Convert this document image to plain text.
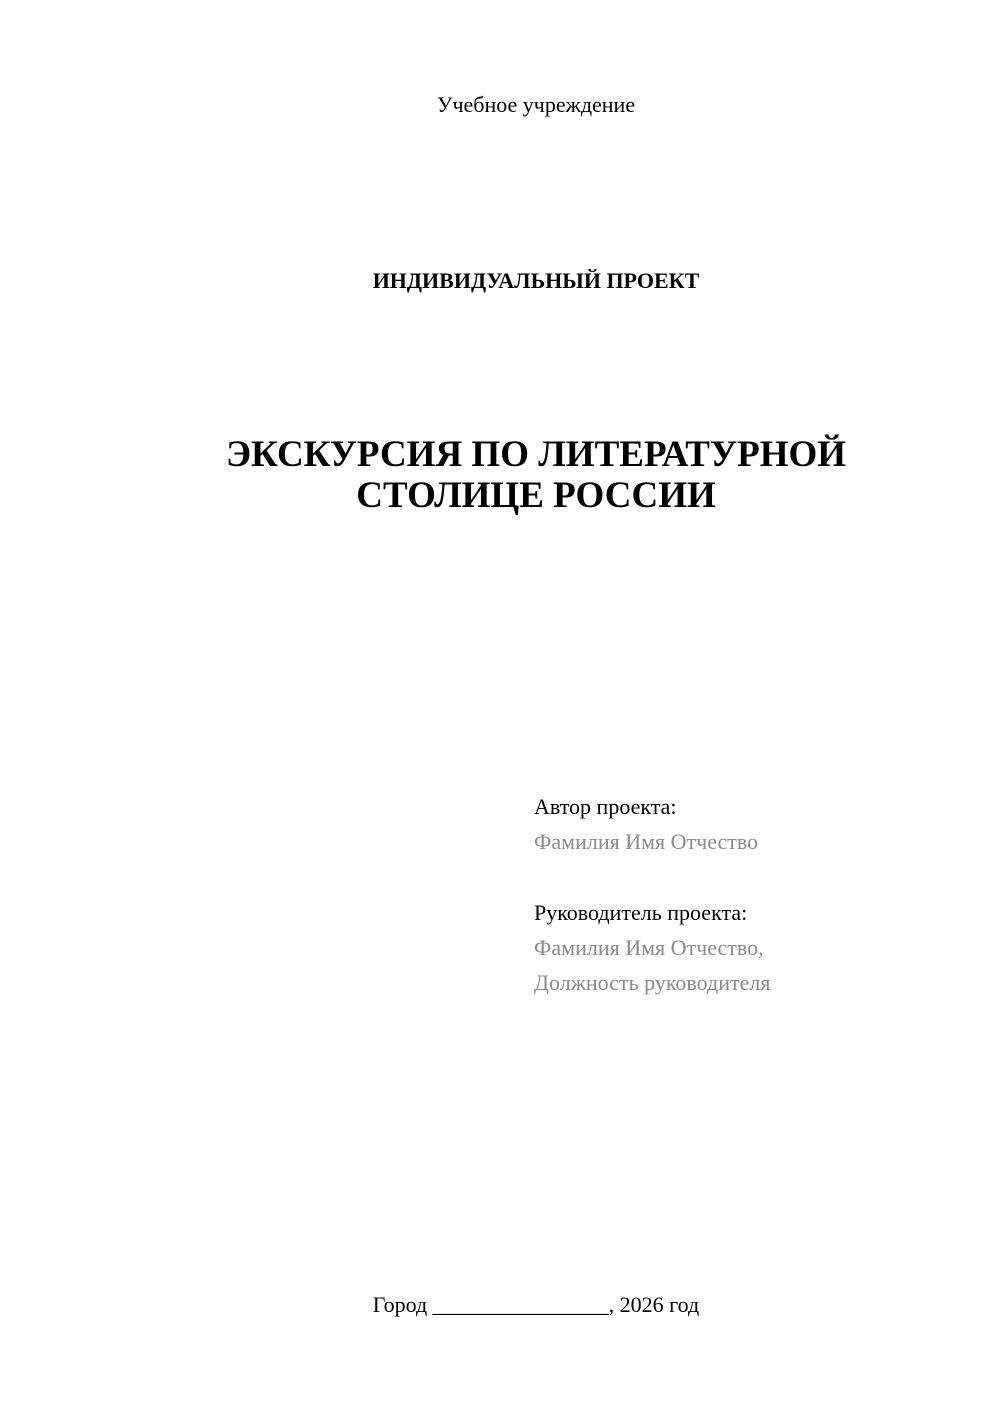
Учебное учреждение
ИНДИВИДУАЛЬНЫЙ ПРОЕКТ
ЭКСКУРСИЯ ПО ЛИТЕРАТУРНОЙ
СТОЛИЦЕ РОССИИ
Автор проекта:
Фамилия Имя Отчество
Руководитель проекта:
Фамилия Имя Отчество,
Должность руководителя
Город ________________, 2026 год
